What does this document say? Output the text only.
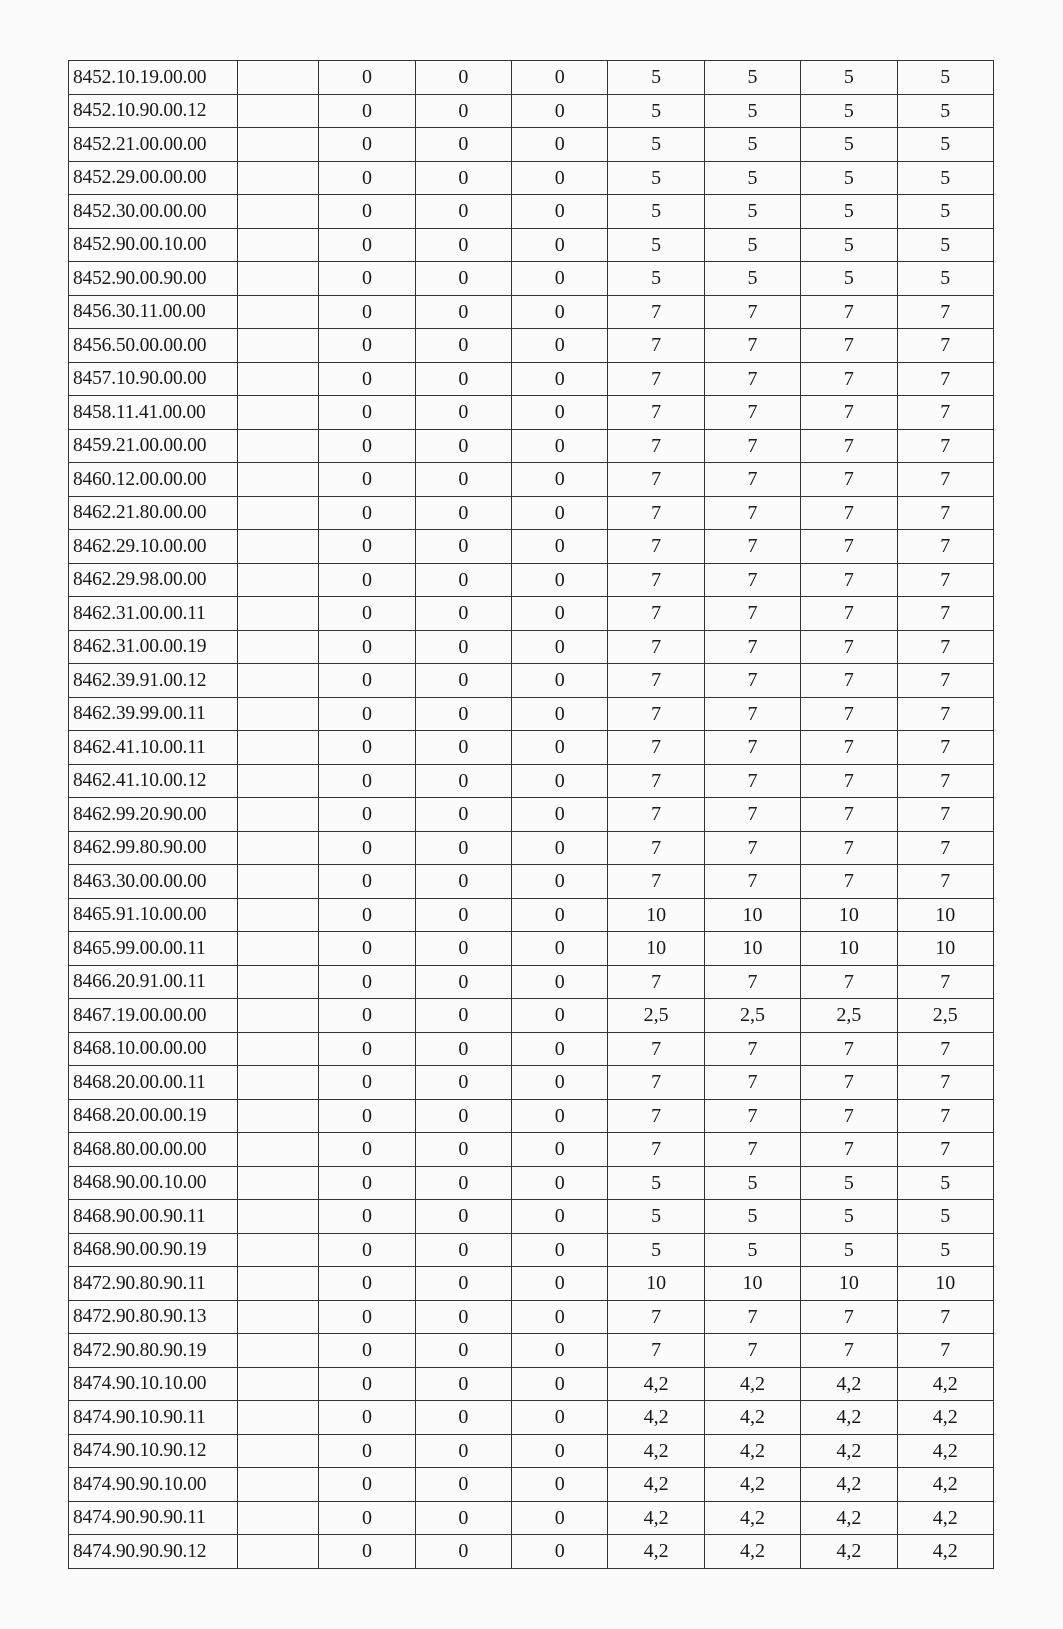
8452.10.19.00.00		0	0	0	5	5	5	5
8452.10.90.00.12		0	0	0	5	5	5	5
8452.21.00.00.00		0	0	0	5	5	5	5
8452.29.00.00.00		0	0	0	5	5	5	5
8452.30.00.00.00		0	0	0	5	5	5	5
8452.90.00.10.00		0	0	0	5	5	5	5
8452.90.00.90.00		0	0	0	5	5	5	5
8456.30.11.00.00		0	0	0	7	7	7	7
8456.50.00.00.00		0	0	0	7	7	7	7
8457.10.90.00.00		0	0	0	7	7	7	7
8458.11.41.00.00		0	0	0	7	7	7	7
8459.21.00.00.00		0	0	0	7	7	7	7
8460.12.00.00.00		0	0	0	7	7	7	7
8462.21.80.00.00		0	0	0	7	7	7	7
8462.29.10.00.00		0	0	0	7	7	7	7
8462.29.98.00.00		0	0	0	7	7	7	7
8462.31.00.00.11		0	0	0	7	7	7	7
8462.31.00.00.19		0	0	0	7	7	7	7
8462.39.91.00.12		0	0	0	7	7	7	7
8462.39.99.00.11		0	0	0	7	7	7	7
8462.41.10.00.11		0	0	0	7	7	7	7
8462.41.10.00.12		0	0	0	7	7	7	7
8462.99.20.90.00		0	0	0	7	7	7	7
8462.99.80.90.00		0	0	0	7	7	7	7
8463.30.00.00.00		0	0	0	7	7	7	7
8465.91.10.00.00		0	0	0	10	10	10	10
8465.99.00.00.11		0	0	0	10	10	10	10
8466.20.91.00.11		0	0	0	7	7	7	7
8467.19.00.00.00		0	0	0	2,5	2,5	2,5	2,5
8468.10.00.00.00		0	0	0	7	7	7	7
8468.20.00.00.11		0	0	0	7	7	7	7
8468.20.00.00.19		0	0	0	7	7	7	7
8468.80.00.00.00		0	0	0	7	7	7	7
8468.90.00.10.00		0	0	0	5	5	5	5
8468.90.00.90.11		0	0	0	5	5	5	5
8468.90.00.90.19		0	0	0	5	5	5	5
8472.90.80.90.11		0	0	0	10	10	10	10
8472.90.80.90.13		0	0	0	7	7	7	7
8472.90.80.90.19		0	0	0	7	7	7	7
8474.90.10.10.00		0	0	0	4,2	4,2	4,2	4,2
8474.90.10.90.11		0	0	0	4,2	4,2	4,2	4,2
8474.90.10.90.12		0	0	0	4,2	4,2	4,2	4,2
8474.90.90.10.00		0	0	0	4,2	4,2	4,2	4,2
8474.90.90.90.11		0	0	0	4,2	4,2	4,2	4,2
8474.90.90.90.12		0	0	0	4,2	4,2	4,2	4,2
